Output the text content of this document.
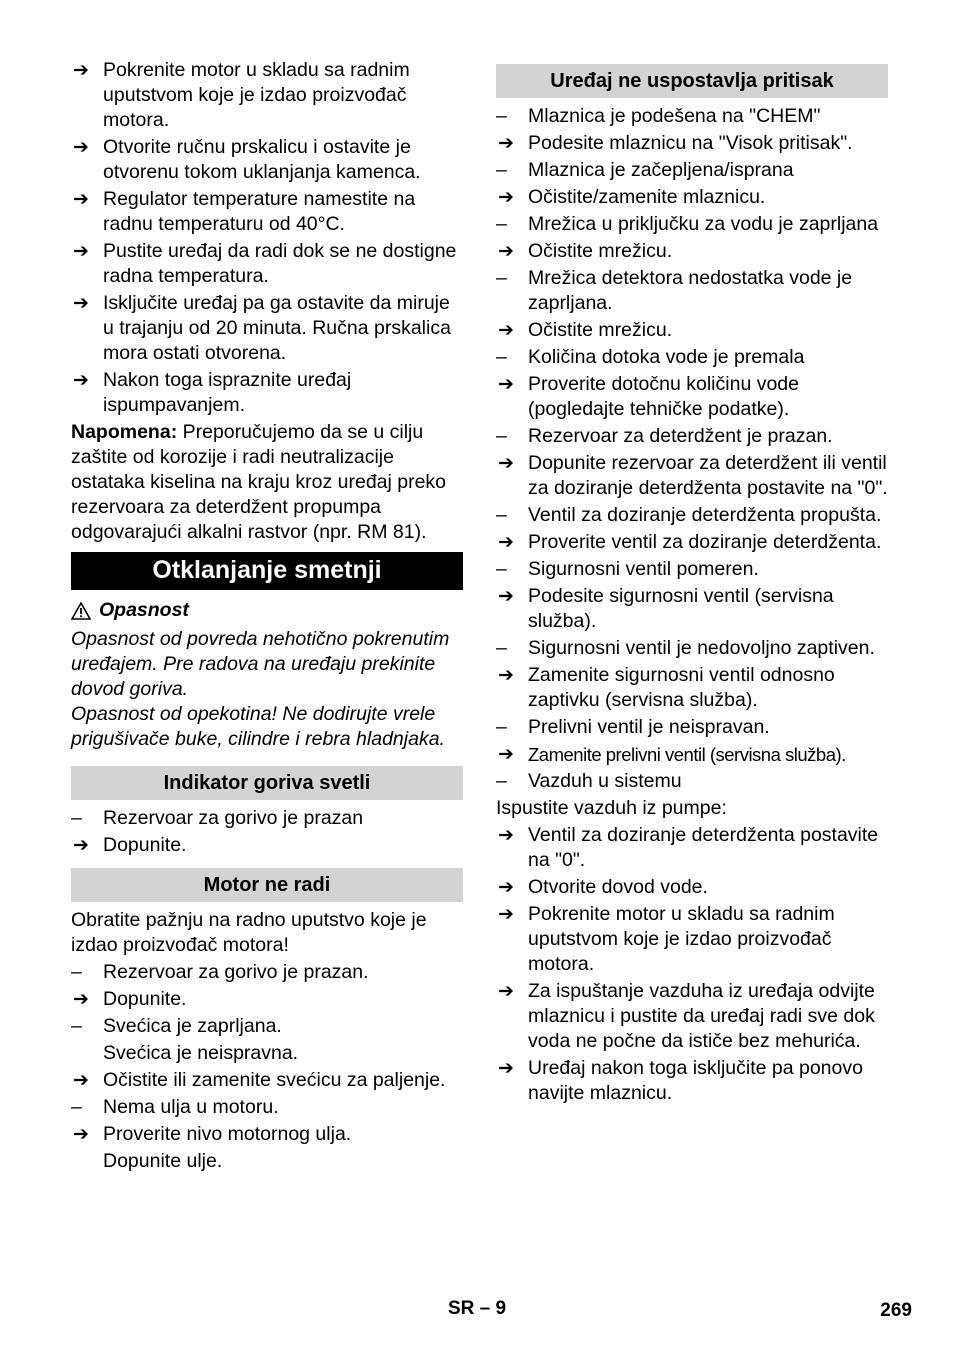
➔ Pokrenite motor u skladu sa radnim uputstvom koje je izdao proizvođač motora.
➔ Otvorite ručnu prskalicu i ostavite je otvorenu tokom uklanjanja kamenca.
➔ Regulator temperature namestite na radnu temperaturu od 40°C.
➔ Pustite uređaj da radi dok se ne dostigne radna temperatura.
➔ Isključite uređaj pa ga ostavite da miruje u trajanju od 20 minuta. Ručna prskalica mora ostati otvorena.
➔ Nakon toga ispraznite uređaj ispumpavanjem.

Napomena: Preporučujemo da se u cilju zaštite od korozije i radi neutralizacije ostataka kiselina na kraju kroz uređaj preko rezervoara za deterdžent propumpa odgovarajući alkalni rastvor (npr. RM 81).

Otklanjanje smetnji
Opasnost

Opasnost od povreda nehotično pokrenutim uređajem. Pre radova na uređaju prekinite dovod goriva.

Opasnost od opekotina! Ne dodirujte vrele prigušivače buke, cilindre i rebra hladnjaka.

Indikator goriva svetli
–	Rezervoar za gorivo je prazan
➔ Dopunite.
Motor ne radi

Obratite pažnju na radno uputstvo koje je izdao proizvođač motora!

–	Rezervoar za gorivo je prazan.
➔ Dopunite.
–	Svećica je zaprljana.
Svećica je neispravna.
➔ Očistite ili zamenite svećicu za paljenje.
–	Nema ulja u motoru.
➔ Proverite nivo motornog ulja.
Dopunite ulje.
Uređaj ne uspostavlja pritisak
–	Mlaznica je podešena na "CHEM"
➔ Podesite mlaznicu na "Visok pritisak".
–	Mlaznica je začepljena/isprana
➔ Očistite/zamenite mlaznicu.
–	Mrežica u priključku za vodu je zaprljana
➔ Očistite mrežicu.
–	Mrežica detektora nedostatka vode je zaprljana.
➔ Očistite mrežicu.
–	Količina dotoka vode je premala
➔ Proverite dotočnu količinu vode (pogledajte tehničke podatke).
–	Rezervoar za deterdžent je prazan.
➔ Dopunite rezervoar za deterdžent ili ventil za doziranje deterdženta postavite na "0".
–	Ventil za doziranje deterdženta propušta.
➔ Proverite ventil za doziranje deterdženta.
–	Sigurnosni ventil pomeren.
➔ Podesite sigurnosni ventil (servisna služba).
–	Sigurnosni ventil je nedovoljno zaptiven.
➔ Zamenite sigurnosni ventil odnosno zaptivku (servisna služba).
–	Prelivni ventil je neispravan.
➔ Zamenite prelivni ventil (servisna služba).
–	Vazduh u sistemu

Ispustite vazduh iz pumpe:

➔ Ventil za doziranje deterdženta postavite na "0".
➔ Otvorite dovod vode.
➔ Pokrenite motor u skladu sa radnim uputstvom koje je izdao proizvođač motora.
➔ Za ispuštanje vazduha iz uređaja odvijte mlaznicu i pustite da uređaj radi sve dok voda ne počne da ističe bez mehurića.
➔ Uređaj nakon toga isključite pa ponovo navijte mlaznicu.
SR – 9	269
